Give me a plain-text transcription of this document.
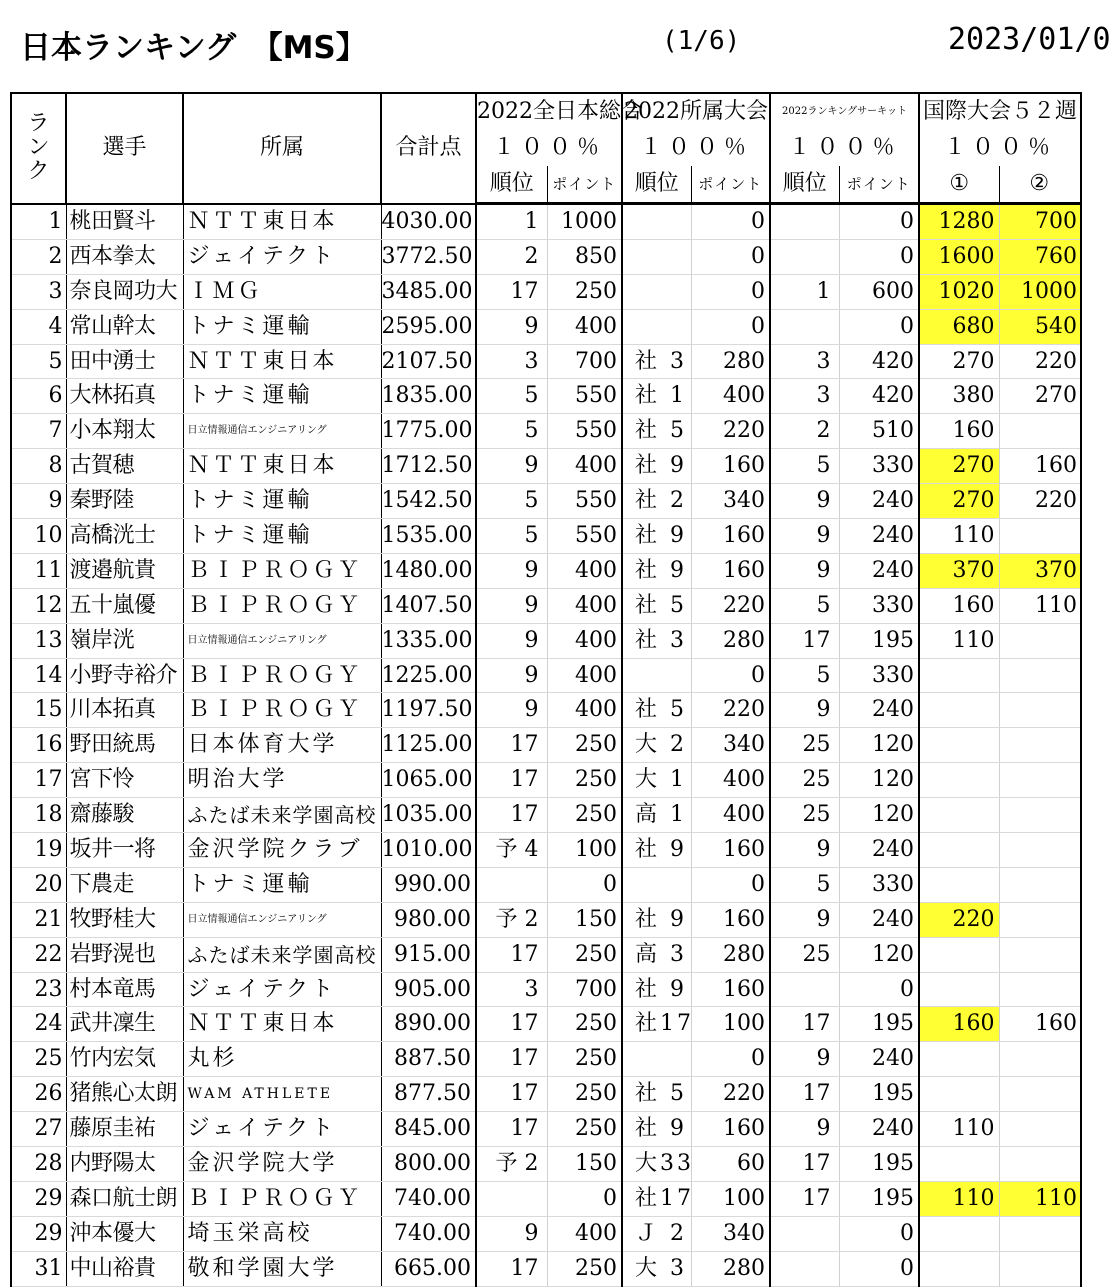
日本ランキング　【MS】	(1/6)	2023/01/0
ラ
ン
ク	選手	所属	合計点	2022全日本総合		2022所属大会		2022ランキングサーキット		国際大会５２週	
				１００％		１００％		１００％		１００％	
				順位	ポイント	順位	ポイント	順位	ポイント	①	②
1	桃田賢斗	ＮＴＴ東日本	4030.00	1	1000		0		0	1280	700
2	西本拳太	ジェイテクト	3772.50	2	850		0		0	1600	760
3	奈良岡功大	ＩＭＧ	3485.00	17	250		0	1	600	1020	1000
4	常山幹太	トナミ運輸	2595.00	9	400		0		0	680	540
5	田中湧士	ＮＴＴ東日本	2107.50	3	700	社 3	280	3	420	270	220
6	大林拓真	トナミ運輸	1835.00	5	550	社 1	400	3	420	380	270
7	小本翔太	日立情報通信エンジニアリング	1775.00	5	550	社 5	220	2	510	160	
8	古賀穂	ＮＴＴ東日本	1712.50	9	400	社 9	160	5	330	270	160
9	秦野陸	トナミ運輸	1542.50	5	550	社 2	340	9	240	270	220
10	高橋洸士	トナミ運輸	1535.00	5	550	社 9	160	9	240	110	
11	渡邉航貴	ＢＩＰＲＯＧＹ	1480.00	9	400	社 9	160	9	240	370	370
12	五十嵐優	ＢＩＰＲＯＧＹ	1407.50	9	400	社 5	220	5	330	160	110
13	嶺岸洸	日立情報通信エンジニアリング	1335.00	9	400	社 3	280	17	195	110	
14	小野寺裕介	ＢＩＰＲＯＧＹ	1225.00	9	400		0	5	330		
15	川本拓真	ＢＩＰＲＯＧＹ	1197.50	9	400	社 5	220	9	240		
16	野田統馬	日本体育大学	1125.00	17	250	大 2	340	25	120		
17	宮下怜	明治大学	1065.00	17	250	大 1	400	25	120		
18	齋藤駿	ふたば未来学園高校	1035.00	17	250	高 1	400	25	120		
19	坂井一将	金沢学院クラブ	1010.00	予 4	100	社 9	160	9	240		
20	下農走	トナミ運輸	990.00		0		0	5	330		
21	牧野桂大	日立情報通信エンジニアリング	980.00	予 2	150	社 9	160	9	240	220	
22	岩野滉也	ふたば未来学園高校	915.00	17	250	高 3	280	25	120		
23	村本竜馬	ジェイテクト	905.00	3	700	社 9	160		0		
24	武井凜生	ＮＴＴ東日本	890.00	17	250	社17	100	17	195	160	160
25	竹内宏気	丸杉	887.50	17	250		0	9	240		
26	猪熊心太朗	WAM ATHLETE	877.50	17	250	社 5	220	17	195		
27	藤原圭祐	ジェイテクト	845.00	17	250	社 9	160	9	240	110	
28	内野陽太	金沢学院大学	800.00	予 2	150	大33	60	17	195		
29	森口航士朗	ＢＩＰＲＯＧＹ	740.00		0	社17	100	17	195	110	110
29	沖本優大	埼玉栄高校	740.00	9	400	Ｊ 2	340		0		
31	中山裕貴	敬和学園大学	665.00	17	250	大 3	280		0		
